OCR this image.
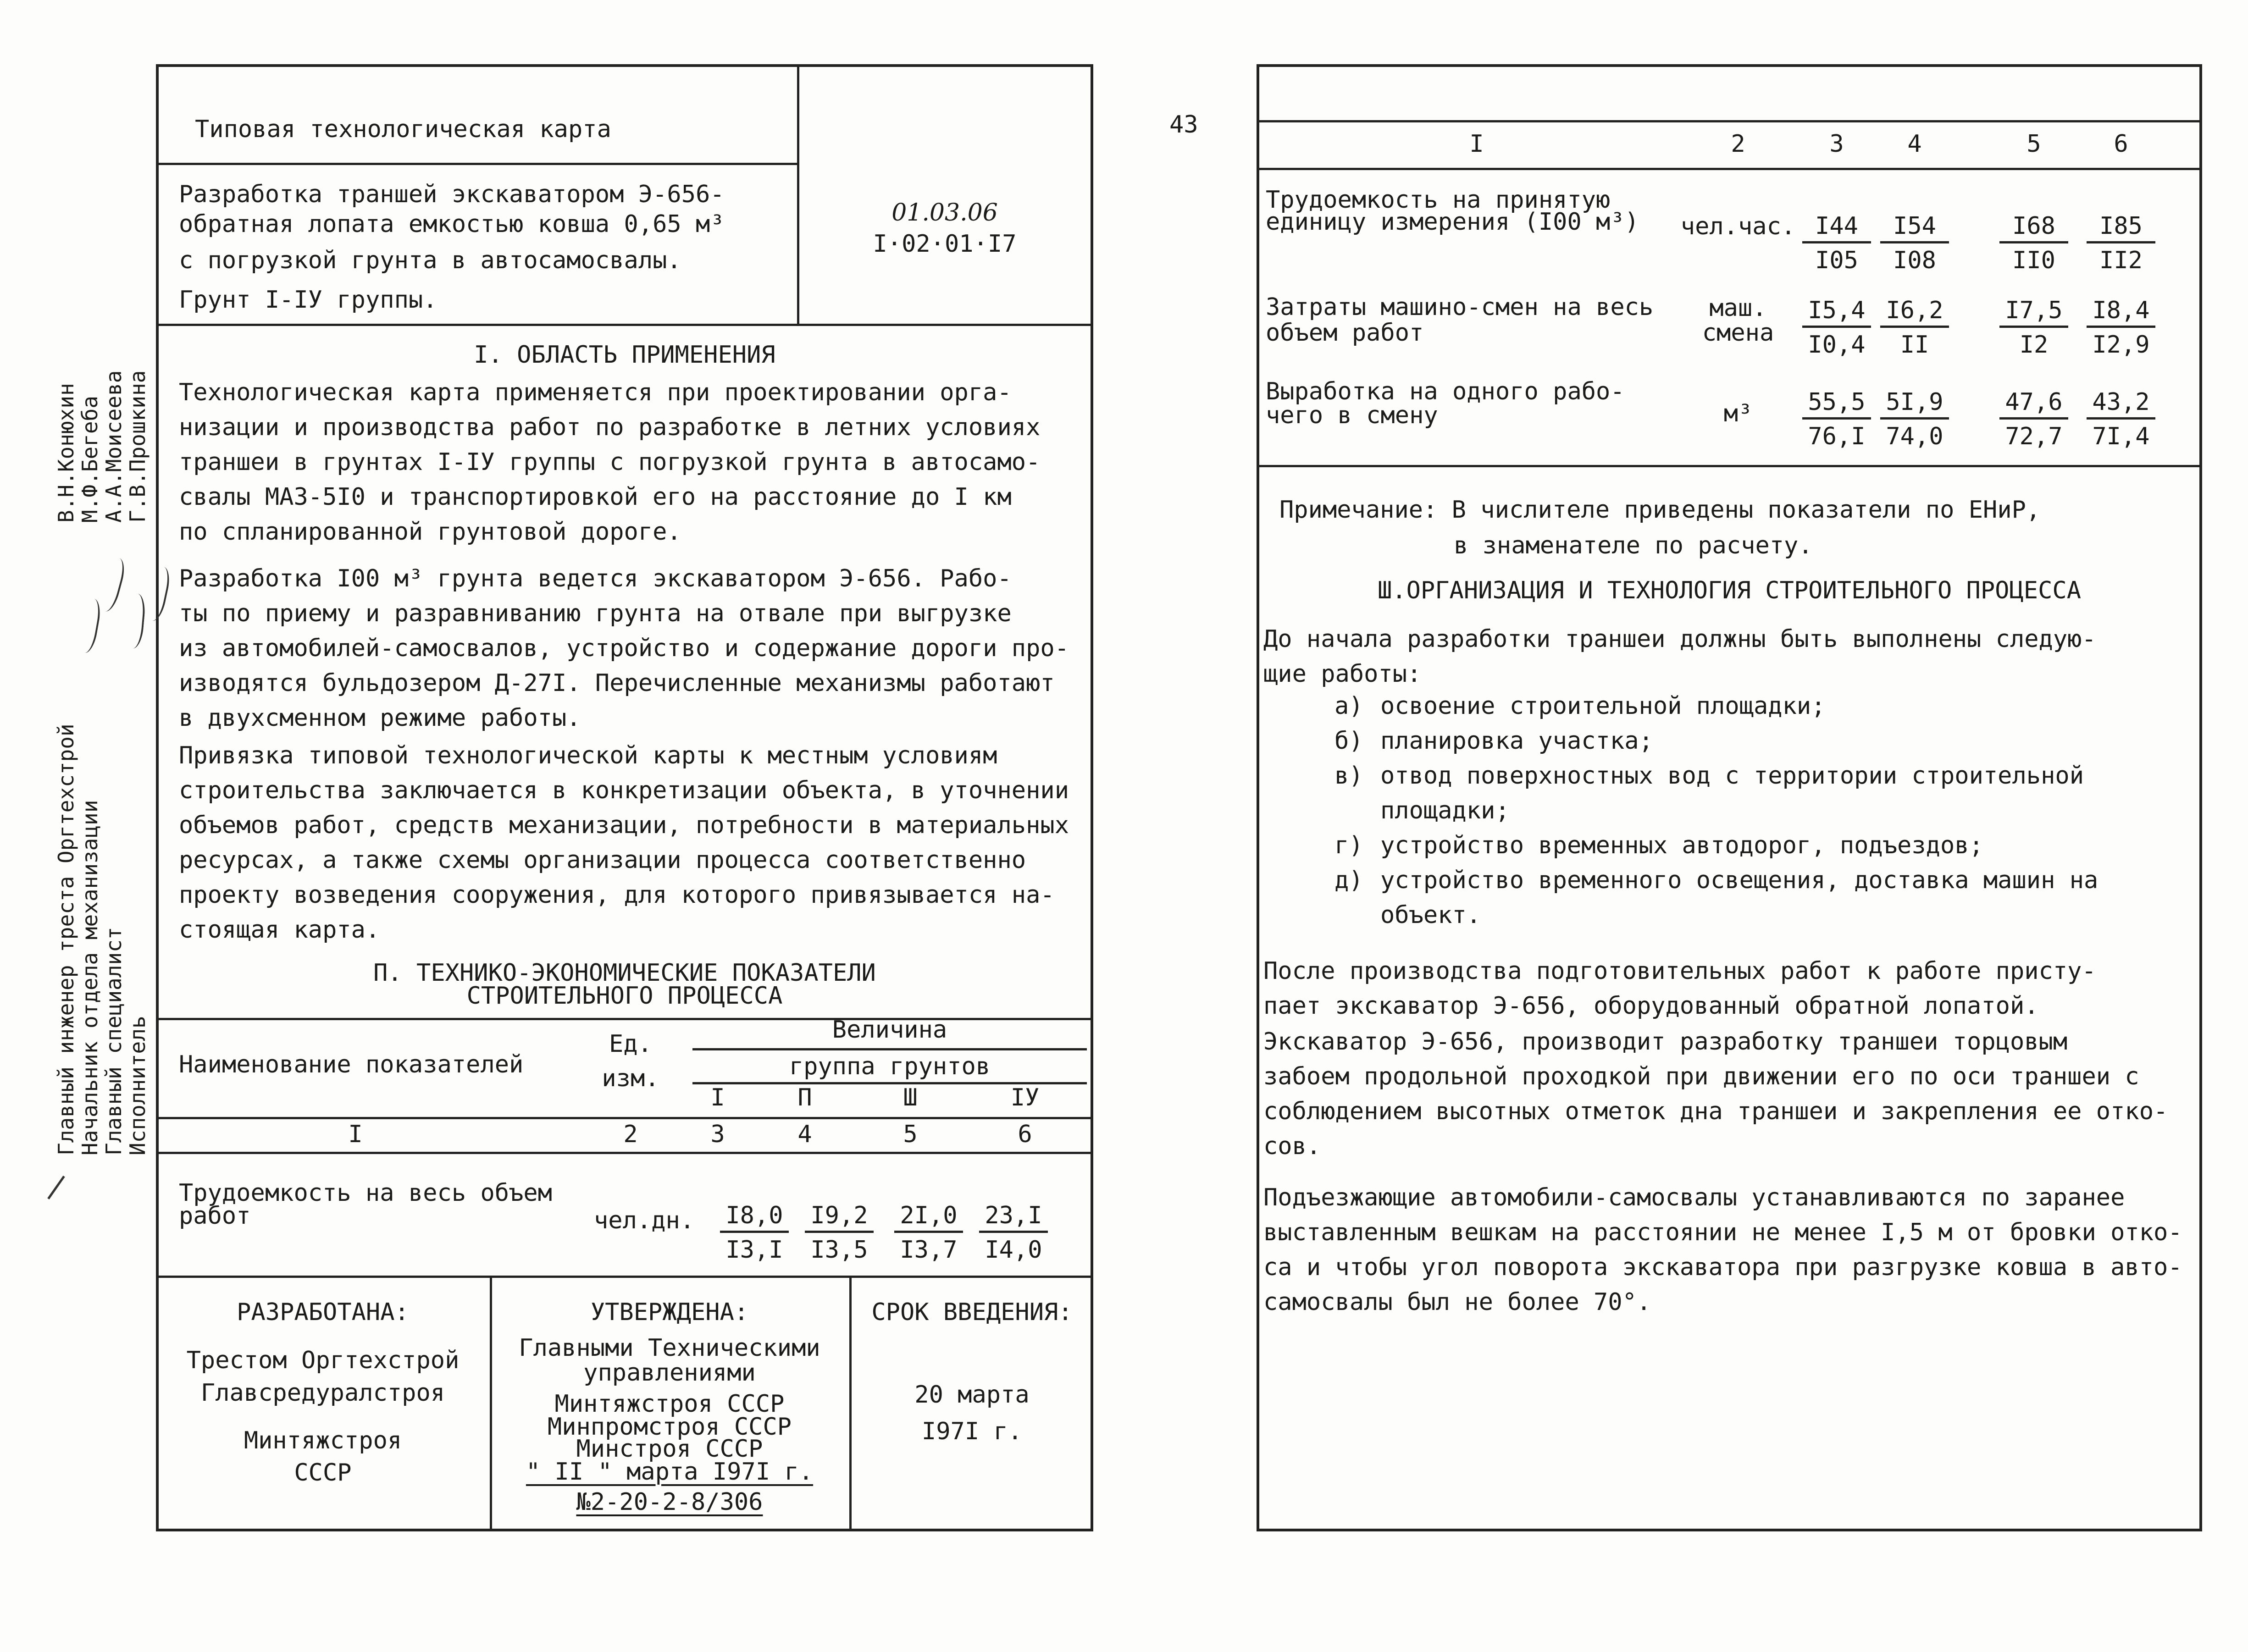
Типовая технологическая карта
Разработка траншей экскаватором Э-656-
обратная лопата емкостью ковша 0,65 м³
с погрузкой грунта в автосамосвалы.
Грунт I-IУ группы.
01.03.06
I·02·01·I7
I. ОБЛАСТЬ ПРИМЕНЕНИЯ
Технологическая карта применяется при проектировании орга-
низации и производства работ по разработке в летних условиях
траншеи в грунтах I-IУ группы с погрузкой грунта в автосамо-
свалы МАЗ-5I0 и транспортировкой его на расстояние до I км
по спланированной грунтовой дороге.
Разработка I00 м³ грунта ведется экскаватором Э-656. Рабо-
ты по приему и разравниванию грунта на отвале при выгрузке
из автомобилей-самосвалов, устройство и содержание дороги про-
изводятся бульдозером Д-27I. Перечисленные механизмы работают
в двухсменном режиме работы.
Привязка типовой технологической карты к местным условиям
строительства заключается в конкретизации объекта, в уточнении
объемов работ, средств механизации, потребности в материальных
ресурсах, а также схемы организации процесса соответственно
проекту возведения сооружения, для которого привязывается на-
стоящая карта.
П. ТЕХНИКО-ЭКОНОМИЧЕСКИЕ ПОКАЗАТЕЛИ
СТРОИТЕЛЬНОГО ПРОЦЕССА
Наименование показателей
Ед.
изм.
Величина
группа грунтов
I	П	Ш	IУ
I	2	3	4	5	6
Трудоемкость на весь объем
работ	чел.дн. $\frac{I8,0}{I3,I} \frac{I9,2}{I3,5} \frac{2I,0}{I3,7} \frac{23,I}{I4,0}$
РАЗРАБОТАНА:
Трестом Оргтехстрой
Главсредуралстроя
Минтяжстроя
СССР
УТВЕРЖДЕНА:
Главными Техническими
управлениями
Минтяжстроя СССР
Минпромстроя СССР
Минстроя СССР
" II " марта I97I г.
№2-20-2-8/306
СРОК ВВЕДЕНИЯ:
20 марта
I97I г.
Главный инженер треста Оргтехстрой
Начальник отдела механизации
Главный специалист
Исполнитель
В.Н.Конюхин
М.Ф.Бегеба
А.А.Моисеева
Г.В.Прошкина
43
I	2	3	4	5	6
Трудоемкость на принятую
единицу измерения (I00 м³)	чел.час. $\frac{I44}{I05} \frac{I54}{I08} \frac{I68}{II0} \frac{I85}{II2}$
Затраты машино-смен на весь
объем работ
маш.
смена	$\frac{I5,4}{I0,4} \frac{I6,2}{II} \frac{I7,5}{I2} \frac{I8,4}{I2,9}$
Выработка на одного рабо-
чего в смену	м³	$\frac{55,5}{76,I} \frac{5I,9}{74,0} \frac{47,6}{72,7} \frac{43,2}{7I,4}$
Примечание: В числителе приведены показатели по ЕНиР,
в знаменателе по расчету.
Ш.ОРГАНИЗАЦИЯ И ТЕХНОЛОГИЯ СТРОИТЕЛЬНОГО ПРОЦЕССА
До начала разработки траншеи должны быть выполнены следую-
щие работы:
а) освоение строительной площадки;
б) планировка участка;
в) отвод поверхностных вод с территории строительной
площадки;
г) устройство временных автодорог, подъездов;
д) устройство временного освещения, доставка машин на
объект.
После производства подготовительных работ к работе присту-
пает экскаватор Э-656, оборудованный обратной лопатой.
Экскаватор Э-656, производит разработку траншеи торцовым
забоем продольной проходкой при движении его по оси траншеи с
соблюдением высотных отметок дна траншеи и закрепления ее отко-
сов.
Подъезжающие автомобили-самосвалы устанавливаются по заранее
выставленным вешкам на расстоянии не менее I,5 м от бровки отко-
са и чтобы угол поворота экскаватора при разгрузке ковша в авто-
самосвалы был не более 70°.
